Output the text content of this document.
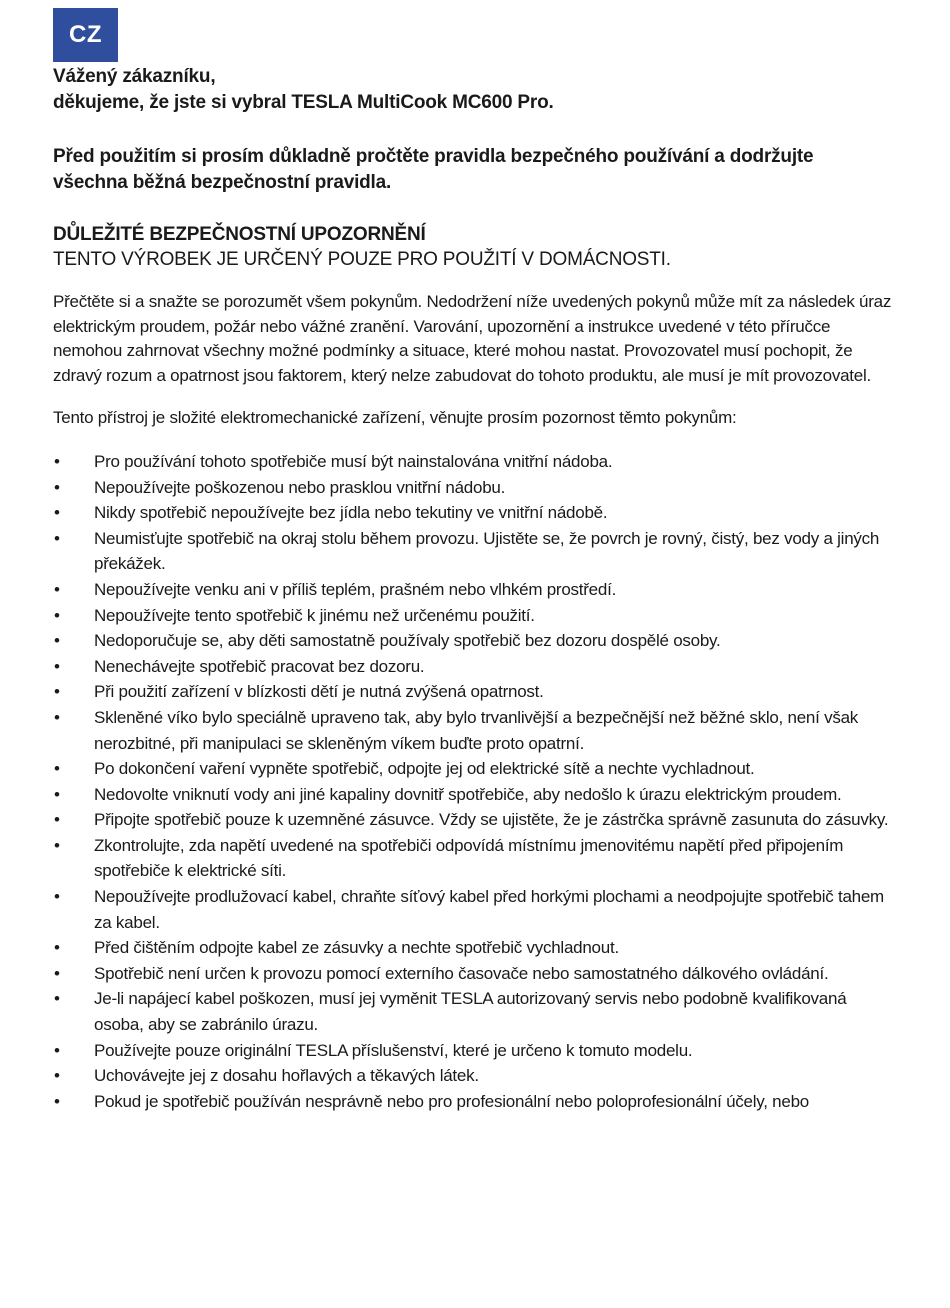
CZ

Vážený zákazníku,
děkujeme, že jste si vybral TESLA MultiCook MC600 Pro.

Před použitím si prosím důkladně pročtěte pravidla bezpečného používání a dodržujte všechna běžná bezpečnostní pravidla.

DŮLEŽITÉ BEZPEČNOSTNÍ UPOZORNĚNÍ

TENTO VÝROBEK JE URČENÝ POUZE PRO POUŽITÍ V DOMÁCNOSTI.

Přečtěte si a snažte se porozumět všem pokynům. Nedodržení níže uvedených pokynů může mít za následek úraz elektrickým proudem, požár nebo vážné zranění. Varování, upozornění a instrukce uvedené v této příručce nemohou zahrnovat všechny možné podmínky a situace, které mohou nastat. Provozovatel musí pochopit, že zdravý rozum a opatrnost jsou faktorem, který nelze zabudovat do tohoto produktu, ale musí je mít provozovatel.

Tento přístroj je složité elektromechanické zařízení, věnujte prosím pozornost těmto pokynům:

• Pro používání tohoto spotřebiče musí být nainstalována vnitřní nádoba.
• Nepoužívejte poškozenou nebo prasklou vnitřní nádobu.
• Nikdy spotřebič nepoužívejte bez jídla nebo tekutiny ve vnitřní nádobě.
• Neumisťujte spotřebič na okraj stolu během provozu. Ujistěte se, že povrch je rovný, čistý, bez vody a jiných překážek.
• Nepoužívejte venku ani v příliš teplém, prašném nebo vlhkém prostředí.
• Nepoužívejte tento spotřebič k jinému než určenému použití.
• Nedoporučuje se, aby děti samostatně používaly spotřebič bez dozoru dospělé osoby.
• Nenechávejte spotřebič pracovat bez dozoru.
• Při použití zařízení v blízkosti dětí je nutná zvýšená opatrnost.
• Skleněné víko bylo speciálně upraveno tak, aby bylo trvanlivější a bezpečnější než běžné sklo, není však nerozbitné, při manipulaci se skleněným víkem buďte proto opatrní.
• Po dokončení vaření vypněte spotřebič, odpojte jej od elektrické sítě a nechte vychladnout.
• Nedovolte vniknutí vody ani jiné kapaliny dovnitř spotřebiče, aby nedošlo k úrazu elektrickým proudem.
• Připojte spotřebič pouze k uzemněné zásuvce. Vždy se ujistěte, že je zástrčka správně zasunuta do zásuvky.
• Zkontrolujte, zda napětí uvedené na spotřebiči odpovídá místnímu jmenovitému napětí před připojením spotřebiče k elektrické síti.
• Nepoužívejte prodlužovací kabel, chraňte síťový kabel před horkými plochami a neodpojujte spotřebič tahem za kabel.
• Před čištěním odpojte kabel ze zásuvky a nechte spotřebič vychladnout.
• Spotřebič není určen k provozu pomocí externího časovače nebo samostatného dálkového ovládání.
• Je-li napájecí kabel poškozen, musí jej vyměnit TESLA autorizovaný servis nebo podobně kvalifikovaná osoba, aby se zabránilo úrazu.
• Používejte pouze originální TESLA příslušenství, které je určeno k tomuto modelu.
• Uchovávejte jej z dosahu hořlavých a těkavých látek.
• Pokud je spotřebič používán nesprávně nebo pro profesionální nebo poloprofesionální účely, nebo
